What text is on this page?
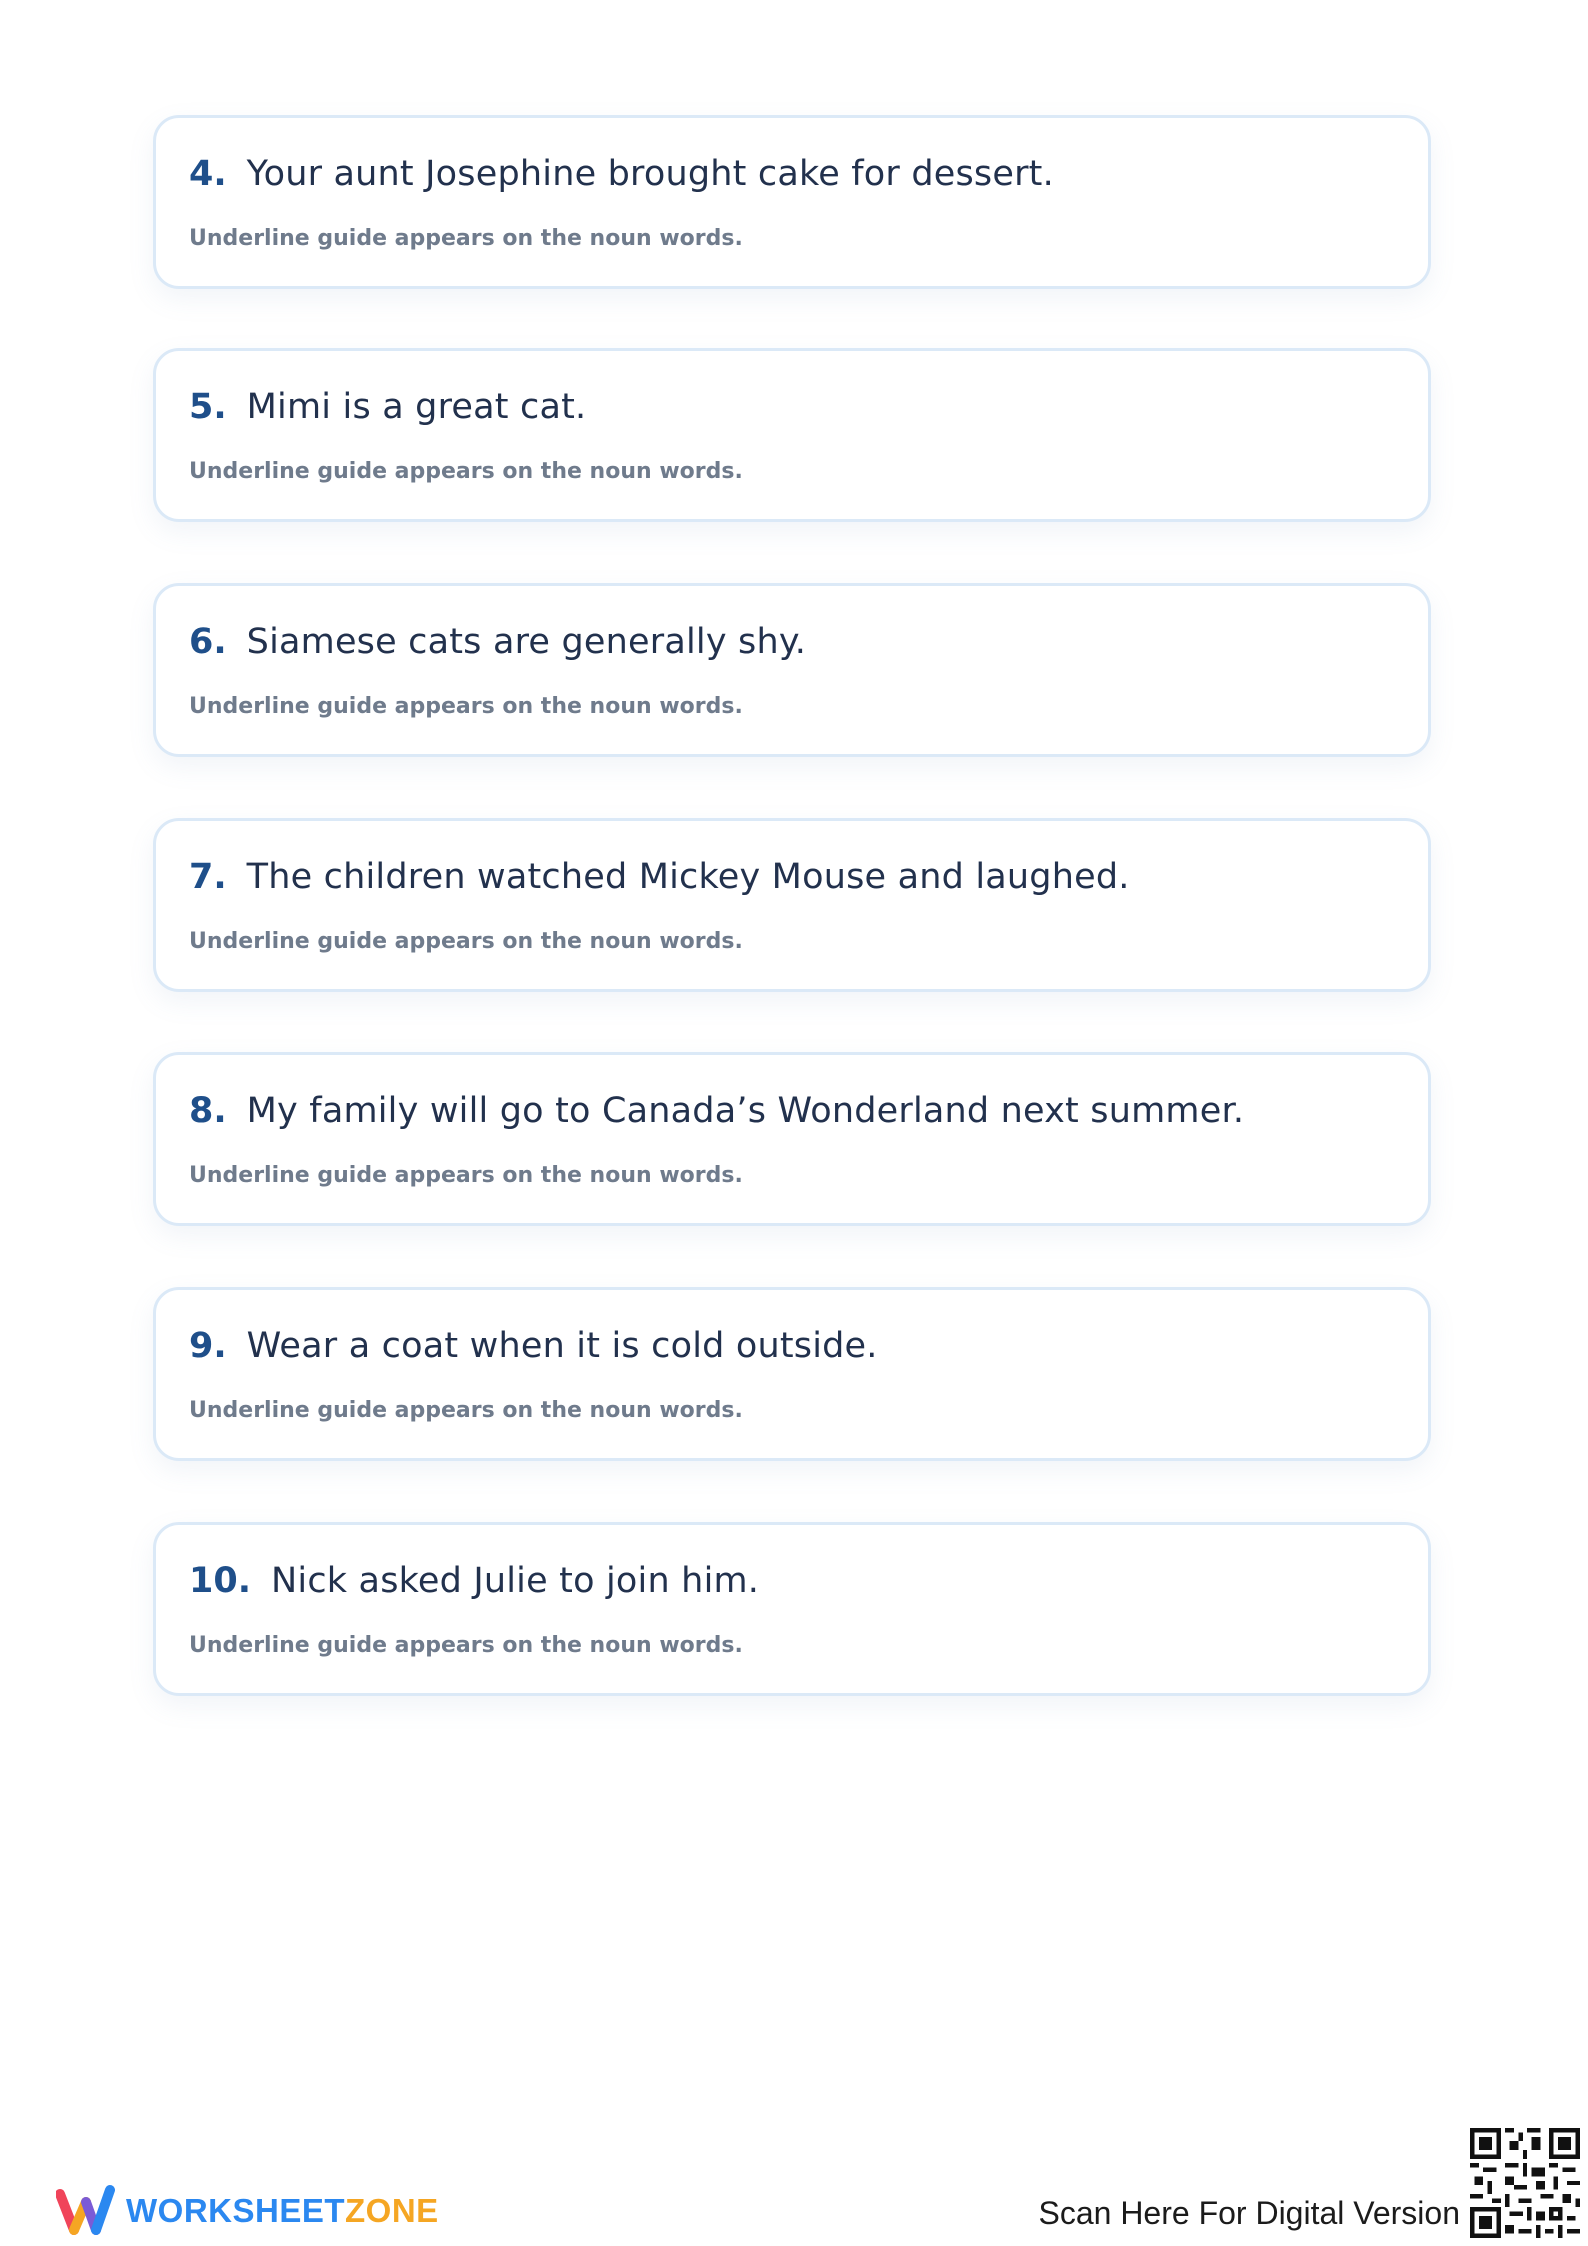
4. Your aunt Josephine brought cake for dessert.
Underline guide appears on the noun words.
5. Mimi is a great cat.
Underline guide appears on the noun words.
6. Siamese cats are generally shy.
Underline guide appears on the noun words.
7. The children watched Mickey Mouse and laughed.
Underline guide appears on the noun words.
8. My family will go to Canada’s Wonderland next summer.
Underline guide appears on the noun words.
9. Wear a coat when it is cold outside.
Underline guide appears on the noun words.
10. Nick asked Julie to join him.
Underline guide appears on the noun words.
WORKSHEETZONE	Scan Here For Digital Version
